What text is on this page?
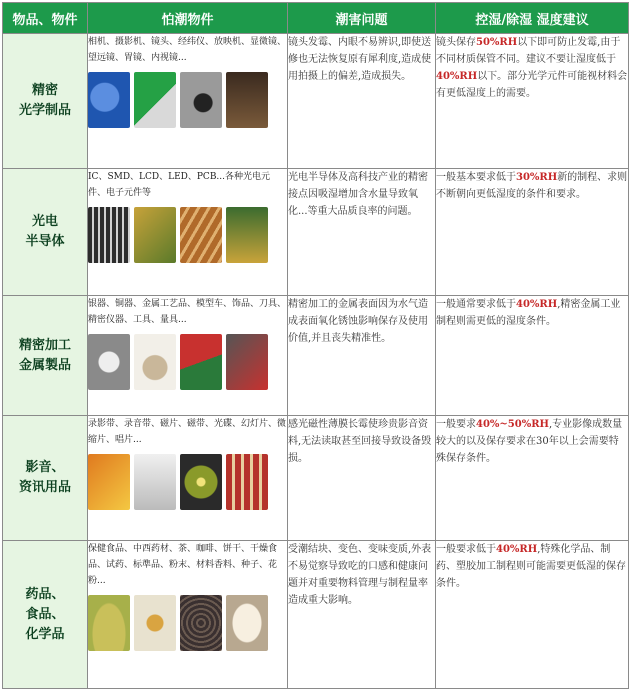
物品、物件	怕潮物件	潮害问题	控湿/除湿 湿度建议

精密
光学制品	相机、摄影机、镜头、经纬仪、放映机、显微镜、望远镜、胃镜、内视镜...	镜头发霉、内眼不易辨识,即使送修也无法恢复原有犀利度,造成使用拍摄上的偏差,造成损失。	镜头保存50%RH以下即可防止发霉,由于不同材质保管不同。建议不要让湿度低于40%RH以下。部分光学元件可能视材料会有更低湿度上的需要。

光电
半导体	IC、SMD、LCD、LED、PCB...各种光电元件、电子元件等	光电半导体及高科技产业的精密接点因吸湿增加含水量导致氧化...等重大品质良率的问题。	一般基本要求低于30%RH新的制程、求则不断朝向更低湿度的条件和要求。

精密加工
金属製品	银器、铜器、金属工艺品、模型车、饰品、刀具、精密仪器、工具、量具...	精密加工的金属表面因为水气造成表面氧化锈蚀影响保存及使用价值,并且丧失精准性。	一般通常要求低于40%RH,精密金属工业制程则需更低的湿度条件。

影音、
资讯用品	录影带、录音带、磁片、磁带、光碟、幻灯片、微缩片、唱片...	感光磁性薄膜长霉使珍贵影音资料,无法读取甚至回接导致设备毁损。	一般要求40%~50%RH,专业影像成数量较大的以及保存要求在30年以上会需要特殊保存条件。

药品、
食品、
化学品	保健食品、中西药材、茶、咖啡、饼干、干燥食品、试药、标準品、粉末、材料香料、种子、花粉...	受潮结块、变色、变味变质,外表不易觉察导致吃的口感和健康问题并对重要物料管理与制程量率造成重大影响。	一般要求低于40%RH,特殊化学品、制药、塑胶加工制程则可能需要更低湿的保存条件。
